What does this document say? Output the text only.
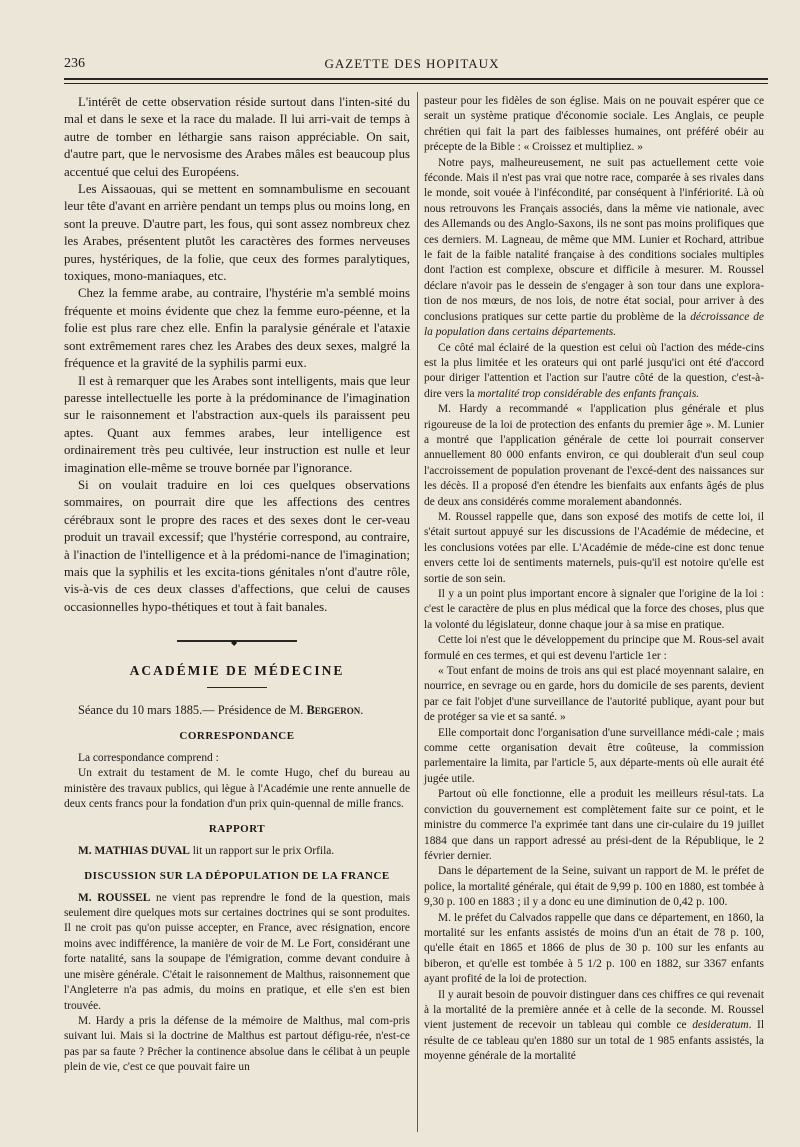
236	GAZETTE DES HOPITAUX

L'intérêt de cette observation réside surtout dans l'inten-sité du mal et dans le sexe et la race du malade. Il lui arri-vait de temps à autre de tomber en léthargie sans raison appréciable. On sait, d'autre part, que le nervosisme des Arabes mâles est beaucoup plus accentué que celui des Européens.

Les Aissaouas, qui se mettent en somnambulisme en secouant leur tête d'avant en arrière pendant un temps plus ou moins long, en sont la preuve. D'autre part, les fous, qui sont assez nombreux chez les Arabes, présentent plutôt les caractères des formes nerveuses pures, hystériques, de la folie, que ceux des formes paralytiques, toxiques, mono-maniaques, etc.

Chez la femme arabe, au contraire, l'hystérie m'a semblé moins fréquente et moins évidente que chez la femme euro-péenne, et la folie est plus rare chez elle. Enfin la paralysie générale et l'ataxie sont extrêmement rares chez les Arabes des deux sexes, malgré la fréquence et la gravité de la syphilis parmi eux.

Il est à remarquer que les Arabes sont intelligents, mais que leur paresse intellectuelle les porte à la prédominance de l'imagination sur le raisonnement et l'abstraction aux-quels ils paraissent peu aptes. Quant aux femmes arabes, leur intelligence est ordinairement très peu cultivée, leur instruction est nulle et leur imagination elle-même se trouve bornée par l'ignorance.

Si on voulait traduire en loi ces quelques observations sommaires, on pourrait dire que les affections des centres cérébraux sont le propre des races et des sexes dont le cer-veau produit un travail excessif; que l'hystérie correspond, au contraire, à l'inaction de l'intelligence et à la prédomi-nance de l'imagination; mais que la syphilis et les excita-tions génitales n'ont d'autre rôle, vis-à-vis de ces deux classes d'affections, que celui de causes occasionnelles hypo-thétiques et tout à fait banales.

◆
ACADÉMIE DE MÉDECINE

Séance du 10 mars 1885.— Présidence de M. Bergeron.

CORRESPONDANCE

La correspondance comprend :

Un extrait du testament de M. le comte Hugo, chef du bureau au ministère des travaux publics, qui lègue à l'Académie une rente annuelle de deux cents francs pour la fondation d'un prix quin-quennal de mille francs.

RAPPORT

M. MATHIAS DUVAL lit un rapport sur le prix Orfila.

DISCUSSION SUR LA DÉPOPULATION DE LA FRANCE

M. ROUSSEL ne vient pas reprendre le fond de la question, mais seulement dire quelques mots sur certaines doctrines qui se sont produites. Il ne croit pas qu'on puisse accepter, en France, avec résignation, encore moins avec indifférence, la manière de voir de M. Le Fort, considérant une forte natalité, sans la soupape de l'émigration, comme devant conduire à une misère générale. C'était le raisonnement de Malthus, raisonnement que l'Angleterre n'a pas admis, du moins en pratique, et elle s'en est bien trouvée.

M. Hardy a pris la défense de la mémoire de Malthus, mal com-pris suivant lui. Mais si la doctrine de Malthus est partout défigu-rée, n'est-ce pas par sa faute ? Prêcher la continence absolue dans le célibat à un peuple plein de vie, c'est ce que pouvait faire un

pasteur pour les fidèles de son église. Mais on ne pouvait espérer que ce serait un système pratique d'économie sociale. Les Anglais, ce peuple chrétien qui fait la part des faiblesses humaines, ont préféré obéir au précepte de la Bible : « Croissez et multipliez. »

Notre pays, malheureusement, ne suit pas actuellement cette voie féconde. Mais il n'est pas vrai que notre race, comparée à ses rivales dans le monde, soit vouée à l'infécondité, par conséquent à l'infériorité. Là où nous retrouvons les Français associés, dans la même vie nationale, avec des Allemands ou des Anglo-Saxons, ils ne sont pas moins prolifiques que ces derniers. M. Lagneau, de même que MM. Lunier et Rochard, attribue le fait de la faible natalité française à des conditions sociales multiples dont l'action est complexe, obscure et difficile à mesurer. M. Roussel déclare n'avoir pas le dessein de s'engager à son tour dans une explora-tion de nos mœurs, de nos lois, de notre état social, pour arriver à des conclusions pratiques sur cette partie du problème de la décroissance de la population dans certains départements.

Ce côté mal éclairé de la question est celui où l'action des méde-cins est la plus limitée et les orateurs qui ont parlé jusqu'ici ont été d'accord pour diriger l'attention et l'action sur l'autre côté de la question, c'est-à-dire vers la mortalité trop considérable des enfants français.

M. Hardy a recommandé « l'application plus générale et plus rigoureuse de la loi de protection des enfants du premier âge ». M. Lunier a montré que l'application générale de cette loi pourrait conserver annuellement 80 000 enfants environ, ce qui doublerait d'un seul coup l'accroissement de population provenant de l'excé-dent des naissances sur les décès. Il a proposé d'en étendre les bienfaits aux enfants âgés de plus de deux ans considérés comme moralement abandonnés.

M. Roussel rappelle que, dans son exposé des motifs de cette loi, il s'était surtout appuyé sur les discussions de l'Académie de médecine, et les conclusions votées par elle. L'Académie de méde-cine est donc tenue envers cette loi de sentiments maternels, puis-qu'il est notoire qu'elle est sortie de son sein.

Il y a un point plus important encore à signaler que l'origine de la loi : c'est le caractère de plus en plus médical que la force des choses, plus que la volonté du législateur, donne chaque jour à sa mise en pratique.

Cette loi n'est que le développement du principe que M. Rous-sel avait formulé en ces termes, et qui est devenu l'article 1er :

« Tout enfant de moins de trois ans qui est placé moyennant salaire, en nourrice, en sevrage ou en garde, hors du domicile de ses parents, devient par ce fait l'objet d'une surveillance de l'autorité publique, ayant pour but de protéger sa vie et sa santé. »

Elle comportait donc l'organisation d'une surveillance médi-cale ; mais comme cette organisation devait être coûteuse, la commission parlementaire la limita, par l'article 5, aux départe-ments où elle aurait été jugée utile.

Partout où elle fonctionne, elle a produit les meilleurs résul-tats. La conviction du gouvernement est complètement faite sur ce point, et le ministre du commerce l'a exprimée tant dans une cir-culaire du 19 juillet 1884 que dans un rapport adressé au prési-dent de la République, le 2 février dernier.

Dans le département de la Seine, suivant un rapport de M. le préfet de police, la mortalité générale, qui était de 9,99 p. 100 en 1880, est tombée à 9,30 p. 100 en 1883 ; il y a donc eu une diminution de 0,42 p. 100.

M. le préfet du Calvados rappelle que dans ce département, en 1860, la mortalité sur les enfants assistés de moins d'un an était de 78 p. 100, qu'elle était en 1865 et 1866 de plus de 30 p. 100 sur les enfants au biberon, et qu'elle est tombée à 5 1/2 p. 100 en 1882, sur 3367 enfants ayant profité de la loi de protection.

Il y aurait besoin de pouvoir distinguer dans ces chiffres ce qui revenait à la mortalité de la première année et à celle de la seconde. M. Roussel vient justement de recevoir un tableau qui comble ce desideratum. Il résulte de ce tableau qu'en 1880 sur un total de 1 985 enfants assistés, la moyenne générale de la mortalité
